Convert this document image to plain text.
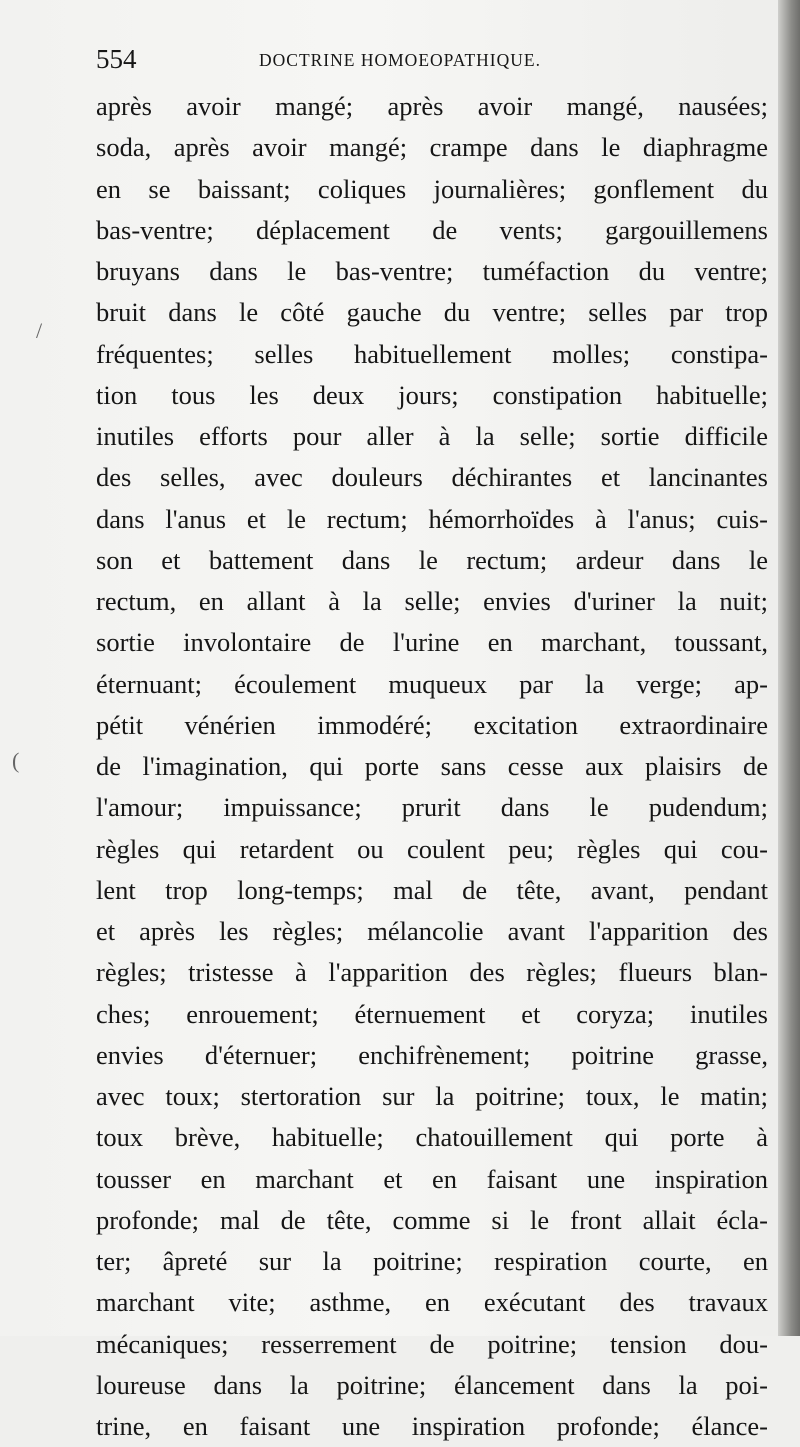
554	DOCTRINE HOMOEOPATHIQUE.
/
(
après avoir mangé; après avoir mangé, nausées;
soda, après avoir mangé; crampe dans le diaphragme
en se baissant; coliques journalières; gonflement du
bas-ventre; déplacement de vents; gargouillemens
bruyans dans le bas-ventre; tuméfaction du ventre;
bruit dans le côté gauche du ventre; selles par trop
fréquentes; selles habituellement molles; constipa-
tion tous les deux jours; constipation habituelle;
inutiles efforts pour aller à la selle; sortie difficile
des selles, avec douleurs déchirantes et lancinantes
dans l'anus et le rectum; hémorrhoïdes à l'anus; cuis-
son et battement dans le rectum; ardeur dans le
rectum, en allant à la selle; envies d'uriner la nuit;
sortie involontaire de l'urine en marchant, toussant,
éternuant; écoulement muqueux par la verge; ap-
pétit vénérien immodéré; excitation extraordinaire
de l'imagination, qui porte sans cesse aux plaisirs de
l'amour; impuissance; prurit dans le pudendum;
règles qui retardent ou coulent peu; règles qui cou-
lent trop long-temps; mal de tête, avant, pendant
et après les règles; mélancolie avant l'apparition des
règles; tristesse à l'apparition des règles; flueurs blan-
ches; enrouement; éternuement et coryza; inutiles
envies d'éternuer; enchifrènement; poitrine grasse,
avec toux; stertoration sur la poitrine; toux, le matin;
toux brève, habituelle; chatouillement qui porte à
tousser en marchant et en faisant une inspiration
profonde; mal de tête, comme si le front allait écla-
ter; âpreté sur la poitrine; respiration courte, en
marchant vite; asthme, en exécutant des travaux
mécaniques; resserrement de poitrine; tension dou-
loureuse dans la poitrine; élancement dans la poi-
trine, en faisant une inspiration profonde; élance-
